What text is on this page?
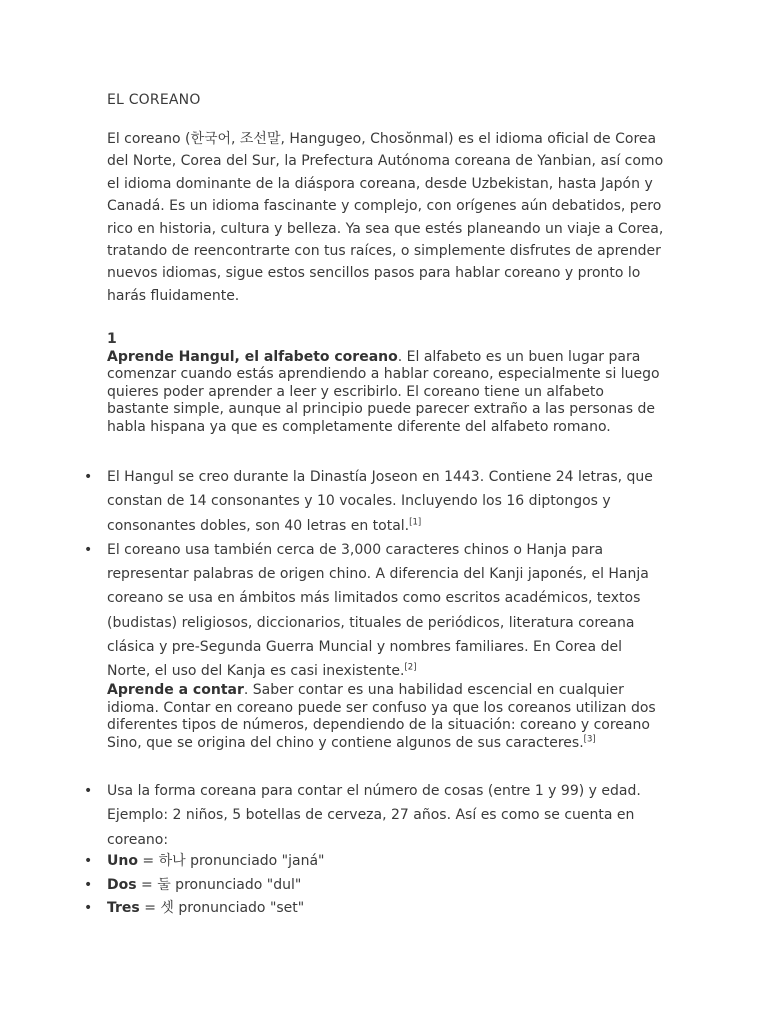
EL COREANO

El coreano (한국어, 조선말, Hangugeo, Chosŏnmal) es el idioma oficial de Corea del Norte, Corea del Sur, la Prefectura Autónoma coreana de Yanbian, así como el idioma dominante de la diáspora coreana, desde Uzbekistan, hasta Japón y Canadá. Es un idioma fascinante y complejo, con orígenes aún debatidos, pero rico en historia, cultura y belleza. Ya sea que estés planeando un viaje a Corea, tratando de reencontrarte con tus raíces, o simplemente disfrutes de aprender nuevos idiomas, sigue estos sencillos pasos para hablar coreano y pronto lo harás fluidamente.

1
Aprende Hangul, el alfabeto coreano. El alfabeto es un buen lugar para comenzar cuando estás aprendiendo a hablar coreano, especialmente si luego quieres poder aprender a leer y escribirlo. El coreano tiene un alfabeto bastante simple, aunque al principio puede parecer extraño a las personas de habla hispana ya que es completamente diferente del alfabeto romano.

• El Hangul se creo durante la Dinastía Joseon en 1443. Contiene 24 letras, que constan de 14 consonantes y 10 vocales. Incluyendo los 16 diptongos y consonantes dobles, son 40 letras en total.[1]
• El coreano usa también cerca de 3,000 caracteres chinos o Hanja para representar palabras de origen chino. A diferencia del Kanji japonés, el Hanja coreano se usa en ámbitos más limitados como escritos académicos, textos (budistas) religiosos, diccionarios, tituales de periódicos, literatura coreana clásica y pre-Segunda Guerra Muncial y nombres familiares. En Corea del Norte, el uso del Kanja es casi inexistente.[2]

Aprende a contar. Saber contar es una habilidad escencial en cualquier idioma. Contar en coreano puede ser confuso ya que los coreanos utilizan dos diferentes tipos de números, dependiendo de la situación: coreano y coreano Sino, que se origina del chino y contiene algunos de sus caracteres.[3]

• Usa la forma coreana para contar el número de cosas (entre 1 y 99) y edad. Ejemplo: 2 niños, 5 botellas de cerveza, 27 años. Así es como se cuenta en coreano:
• Uno = 하나 pronunciado "janá"
• Dos = 둘 pronunciado "dul"
• Tres = 셋 pronunciado "set"
